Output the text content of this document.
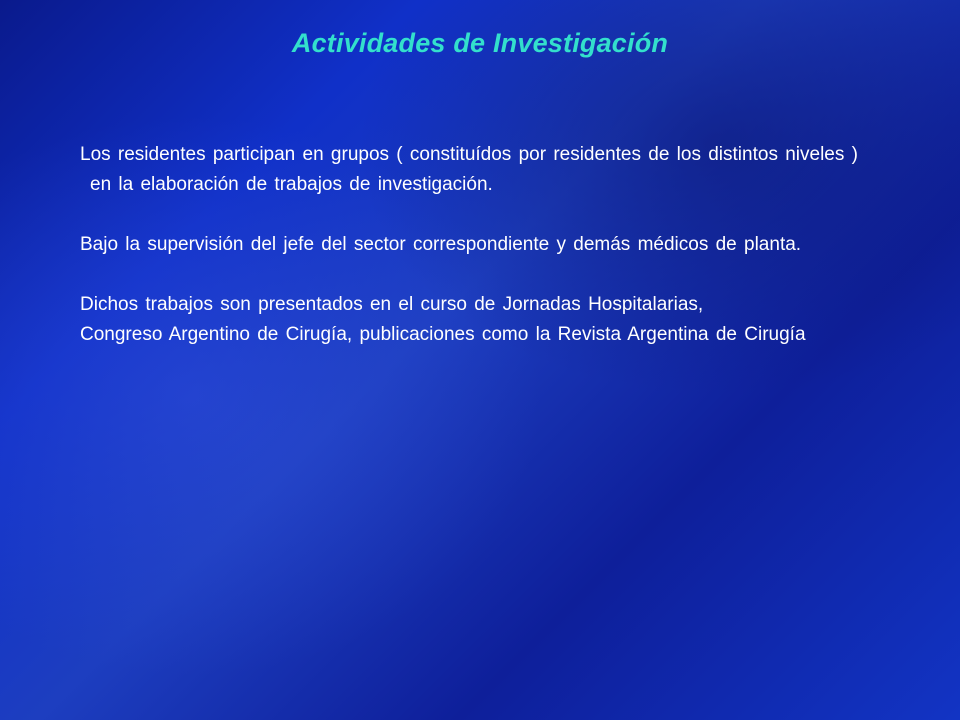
Actividades de Investigación

Los residentes participan en grupos ( constituídos por residentes de los distintos niveles ) en la elaboración de trabajos de investigación.

Bajo la supervisión del jefe del sector correspondiente y demás médicos de planta.

Dichos trabajos son presentados en el curso de Jornadas Hospitalarias,

Congreso Argentino de Cirugía, publicaciones como la Revista Argentina de Cirugía
